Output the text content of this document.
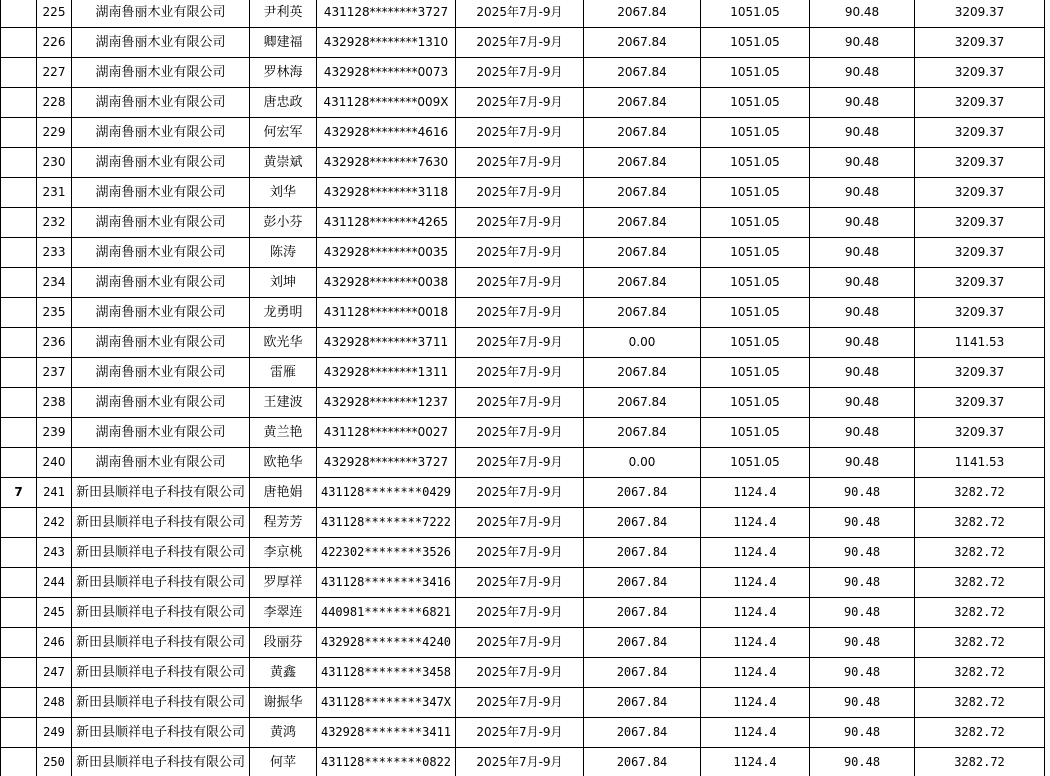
	225	湖南鲁丽木业有限公司	尹利英	431128********3727	2025年7月-9月	2067.84	1051.05	90.48	3209.37
	226	湖南鲁丽木业有限公司	卿建福	432928********1310	2025年7月-9月	2067.84	1051.05	90.48	3209.37
	227	湖南鲁丽木业有限公司	罗林海	432928********0073	2025年7月-9月	2067.84	1051.05	90.48	3209.37
	228	湖南鲁丽木业有限公司	唐忠政	431128********009X	2025年7月-9月	2067.84	1051.05	90.48	3209.37
	229	湖南鲁丽木业有限公司	何宏军	432928********4616	2025年7月-9月	2067.84	1051.05	90.48	3209.37
	230	湖南鲁丽木业有限公司	黄崇斌	432928********7630	2025年7月-9月	2067.84	1051.05	90.48	3209.37
	231	湖南鲁丽木业有限公司	刘华	432928********3118	2025年7月-9月	2067.84	1051.05	90.48	3209.37
	232	湖南鲁丽木业有限公司	彭小芬	431128********4265	2025年7月-9月	2067.84	1051.05	90.48	3209.37
	233	湖南鲁丽木业有限公司	陈涛	432928********0035	2025年7月-9月	2067.84	1051.05	90.48	3209.37
	234	湖南鲁丽木业有限公司	刘坤	432928********0038	2025年7月-9月	2067.84	1051.05	90.48	3209.37
	235	湖南鲁丽木业有限公司	龙勇明	431128********0018	2025年7月-9月	2067.84	1051.05	90.48	3209.37
	236	湖南鲁丽木业有限公司	欧光华	432928********3711	2025年7月-9月	0.00	1051.05	90.48	1141.53
	237	湖南鲁丽木业有限公司	雷雁	432928********1311	2025年7月-9月	2067.84	1051.05	90.48	3209.37
	238	湖南鲁丽木业有限公司	王建波	432928********1237	2025年7月-9月	2067.84	1051.05	90.48	3209.37
	239	湖南鲁丽木业有限公司	黄兰艳	431128********0027	2025年7月-9月	2067.84	1051.05	90.48	3209.37
	240	湖南鲁丽木业有限公司	欧艳华	432928********3727	2025年7月-9月	0.00	1051.05	90.48	1141.53
7	241	新田县顺祥电子科技有限公司	唐艳娟	431128********0429	2025年7月-9月	2067.84	1124.4	90.48	3282.72
	242	新田县顺祥电子科技有限公司	程芳芳	431128********7222	2025年7月-9月	2067.84	1124.4	90.48	3282.72
	243	新田县顺祥电子科技有限公司	李京桃	422302********3526	2025年7月-9月	2067.84	1124.4	90.48	3282.72
	244	新田县顺祥电子科技有限公司	罗厚祥	431128********3416	2025年7月-9月	2067.84	1124.4	90.48	3282.72
	245	新田县顺祥电子科技有限公司	李翠连	440981********6821	2025年7月-9月	2067.84	1124.4	90.48	3282.72
	246	新田县顺祥电子科技有限公司	段丽芬	432928********4240	2025年7月-9月	2067.84	1124.4	90.48	3282.72
	247	新田县顺祥电子科技有限公司	黄鑫	431128********3458	2025年7月-9月	2067.84	1124.4	90.48	3282.72
	248	新田县顺祥电子科技有限公司	谢振华	431128********347X	2025年7月-9月	2067.84	1124.4	90.48	3282.72
	249	新田县顺祥电子科技有限公司	黄鸿	432928********3411	2025年7月-9月	2067.84	1124.4	90.48	3282.72
	250	新田县顺祥电子科技有限公司	何苹	431128********0822	2025年7月-9月	2067.84	1124.4	90.48	3282.72
